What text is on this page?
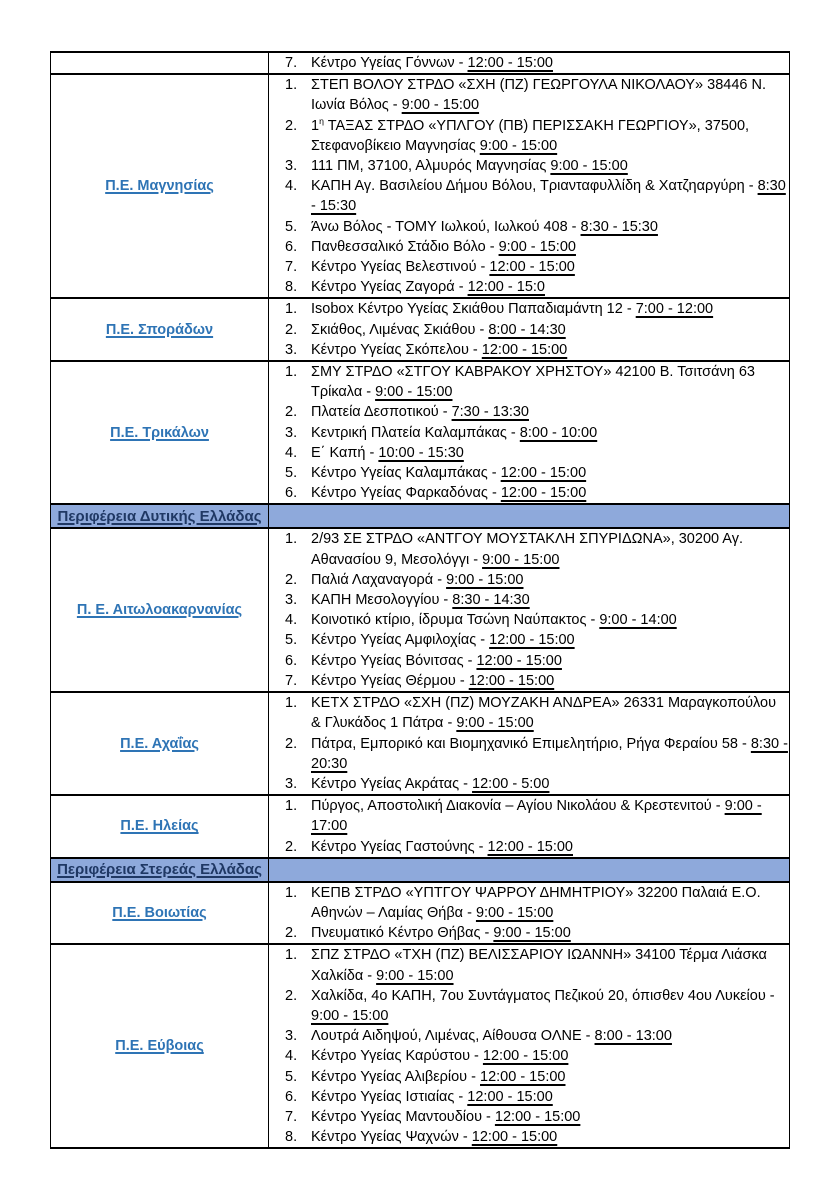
	7. Κέντρο Υγείας Γόννων - 12:00 - 15:00

Π.Ε. Μαγνησίας	
1. ΣΤΕΠ ΒΟΛΟΥ ΣΤΡΔΟ «ΣΧΗ (ΠΖ) ΓΕΩΡΓΟΥΛΑ ΝΙΚΟΛΑΟΥ» 38446 Ν. Ιωνία Βόλος - 9:00 - 15:00
2. $1^\eta$ ΤΑΞΑΣ ΣΤΡΔΟ «ΥΠΛΓΟΥ (ΠΒ) ΠΕΡΙΣΣΑΚΗ ΓΕΩΡΓΙΟΥ», 37500, Στεφανοβίκειο Μαγνησίας 9:00 - 15:00
3. 111 ΠΜ, 37100, Αλμυρός Μαγνησίας 9:00 - 15:00
4. ΚΑΠΗ Αγ. Βασιλείου Δήμου Βόλου, Τριανταφυλλίδη & Χατζηαργύρη - 8:30 - 15:30
5. Άνω Βόλος - ΤΟΜΥ Ιωλκού, Ιωλκού 408 - 8:30 - 15:30
6. Πανθεσσαλικό Στάδιο Βόλο - 9:00 - 15:00
7. Κέντρο Υγείας Βελεστινού - 12:00 - 15:00
8. Κέντρο Υγείας Ζαγορά - 12:00 - 15:0

Π.Ε. Σποράδων	
1. Isobox Κέντρο Υγείας Σκιάθου Παπαδιαμάντη 12 - 7:00 - 12:00
2. Σκιάθος, Λιμένας Σκιάθου - 8:00 - 14:30
3. Κέντρο Υγείας Σκόπελου - 12:00 - 15:00

Π.Ε. Τρικάλων	
1. ΣΜΥ ΣΤΡΔΟ «ΣΤΓΟΥ ΚΑΒΡΑΚΟΥ ΧΡΗΣΤΟΥ» 42100 Β. Τσιτσάνη 63 Τρίκαλα - 9:00 - 15:00
2. Πλατεία Δεσποτικού - 7:30 - 13:30
3. Κεντρική Πλατεία Καλαμπάκας - 8:00 - 10:00
4. Ε΄ Καπή - 10:00 - 15:30
5. Κέντρο Υγείας Καλαμπάκας - 12:00 - 15:00
6. Κέντρο Υγείας Φαρκαδόνας - 12:00 - 15:00

Περιφέρεια Δυτικής Ελλάδας	

Π. Ε. Αιτωλοακαρνανίας	
1. 2/93 ΣΕ ΣΤΡΔΟ «ΑΝΤΓΟΥ ΜΟΥΣΤΑΚΛΗ ΣΠΥΡΙΔΩΝΑ», 30200 Αγ. Αθανασίου 9, Μεσολόγγι - 9:00 - 15:00
2. Παλιά Λαχαναγορά - 9:00 - 15:00
3. ΚΑΠΗ Μεσολογγίου - 8:30 - 14:30
4. Κοινοτικό κτίριο, ίδρυμα Τσώνη Ναύπακτος - 9:00 - 14:00
5. Κέντρο Υγείας Αμφιλοχίας - 12:00 - 15:00
6. Κέντρο Υγείας Βόνιτσας - 12:00 - 15:00
7. Κέντρο Υγείας Θέρμου - 12:00 - 15:00

Π.Ε. Αχαΐας	
1. ΚΕΤΧ ΣΤΡΔΟ «ΣΧΗ (ΠΖ) ΜΟΥΖΑΚΗ ΑΝΔΡΕΑ» 26331 Μαραγκοπούλου & Γλυκάδος 1 Πάτρα - 9:00 - 15:00
2. Πάτρα, Εμπορικό και Βιομηχανικό Επιμελητήριο, Ρήγα Φεραίου 58 - 8:30 - 20:30
3. Κέντρο Υγείας Ακράτας - 12:00 - 5:00

Π.Ε. Ηλείας	1. Πύργος, Αποστολική Διακονία – Αγίου Νικολάου & Κρεστενιτού - 9:00 - 17:00
2. Κέντρο Υγείας Γαστούνης - 12:00 - 15:00

Περιφέρεια Στερεάς Ελλάδας	

Π.Ε. Βοιωτίας	1. ΚΕΠΒ ΣΤΡΔΟ «ΥΠΤΓΟΥ ΨΑΡΡΟΥ ΔΗΜΗΤΡΙΟΥ» 32200 Παλαιά Ε.Ο. Αθηνών – Λαμίας Θήβα - 9:00 - 15:00
2. Πνευματικό Κέντρο Θήβας - 9:00 - 15:00

Π.Ε. Εύβοιας	
1. ΣΠΖ ΣΤΡΔΟ «ΤΧΗ (ΠΖ) ΒΕΛΙΣΣΑΡΙΟΥ ΙΩΑΝΝΗ» 34100 Τέρμα Λιάσκα Χαλκίδα - 9:00 - 15:00
2. Χαλκίδα, 4ο ΚΑΠΗ, 7ου Συντάγματος Πεζικού 20, όπισθεν 4ου Λυκείου - 9:00 - 15:00
3. Λουτρά Αιδηψού, Λιμένας, Αίθουσα ΟΛΝΕ - 8:00 - 13:00
4. Κέντρο Υγείας Καρύστου - 12:00 - 15:00
5. Κέντρο Υγείας Αλιβερίου - 12:00 - 15:00
6. Κέντρο Υγείας Ιστιαίας - 12:00 - 15:00
7. Κέντρο Υγείας Μαντουδίου - 12:00 - 15:00
8. Κέντρο Υγείας Ψαχνών - 12:00 - 15:00
